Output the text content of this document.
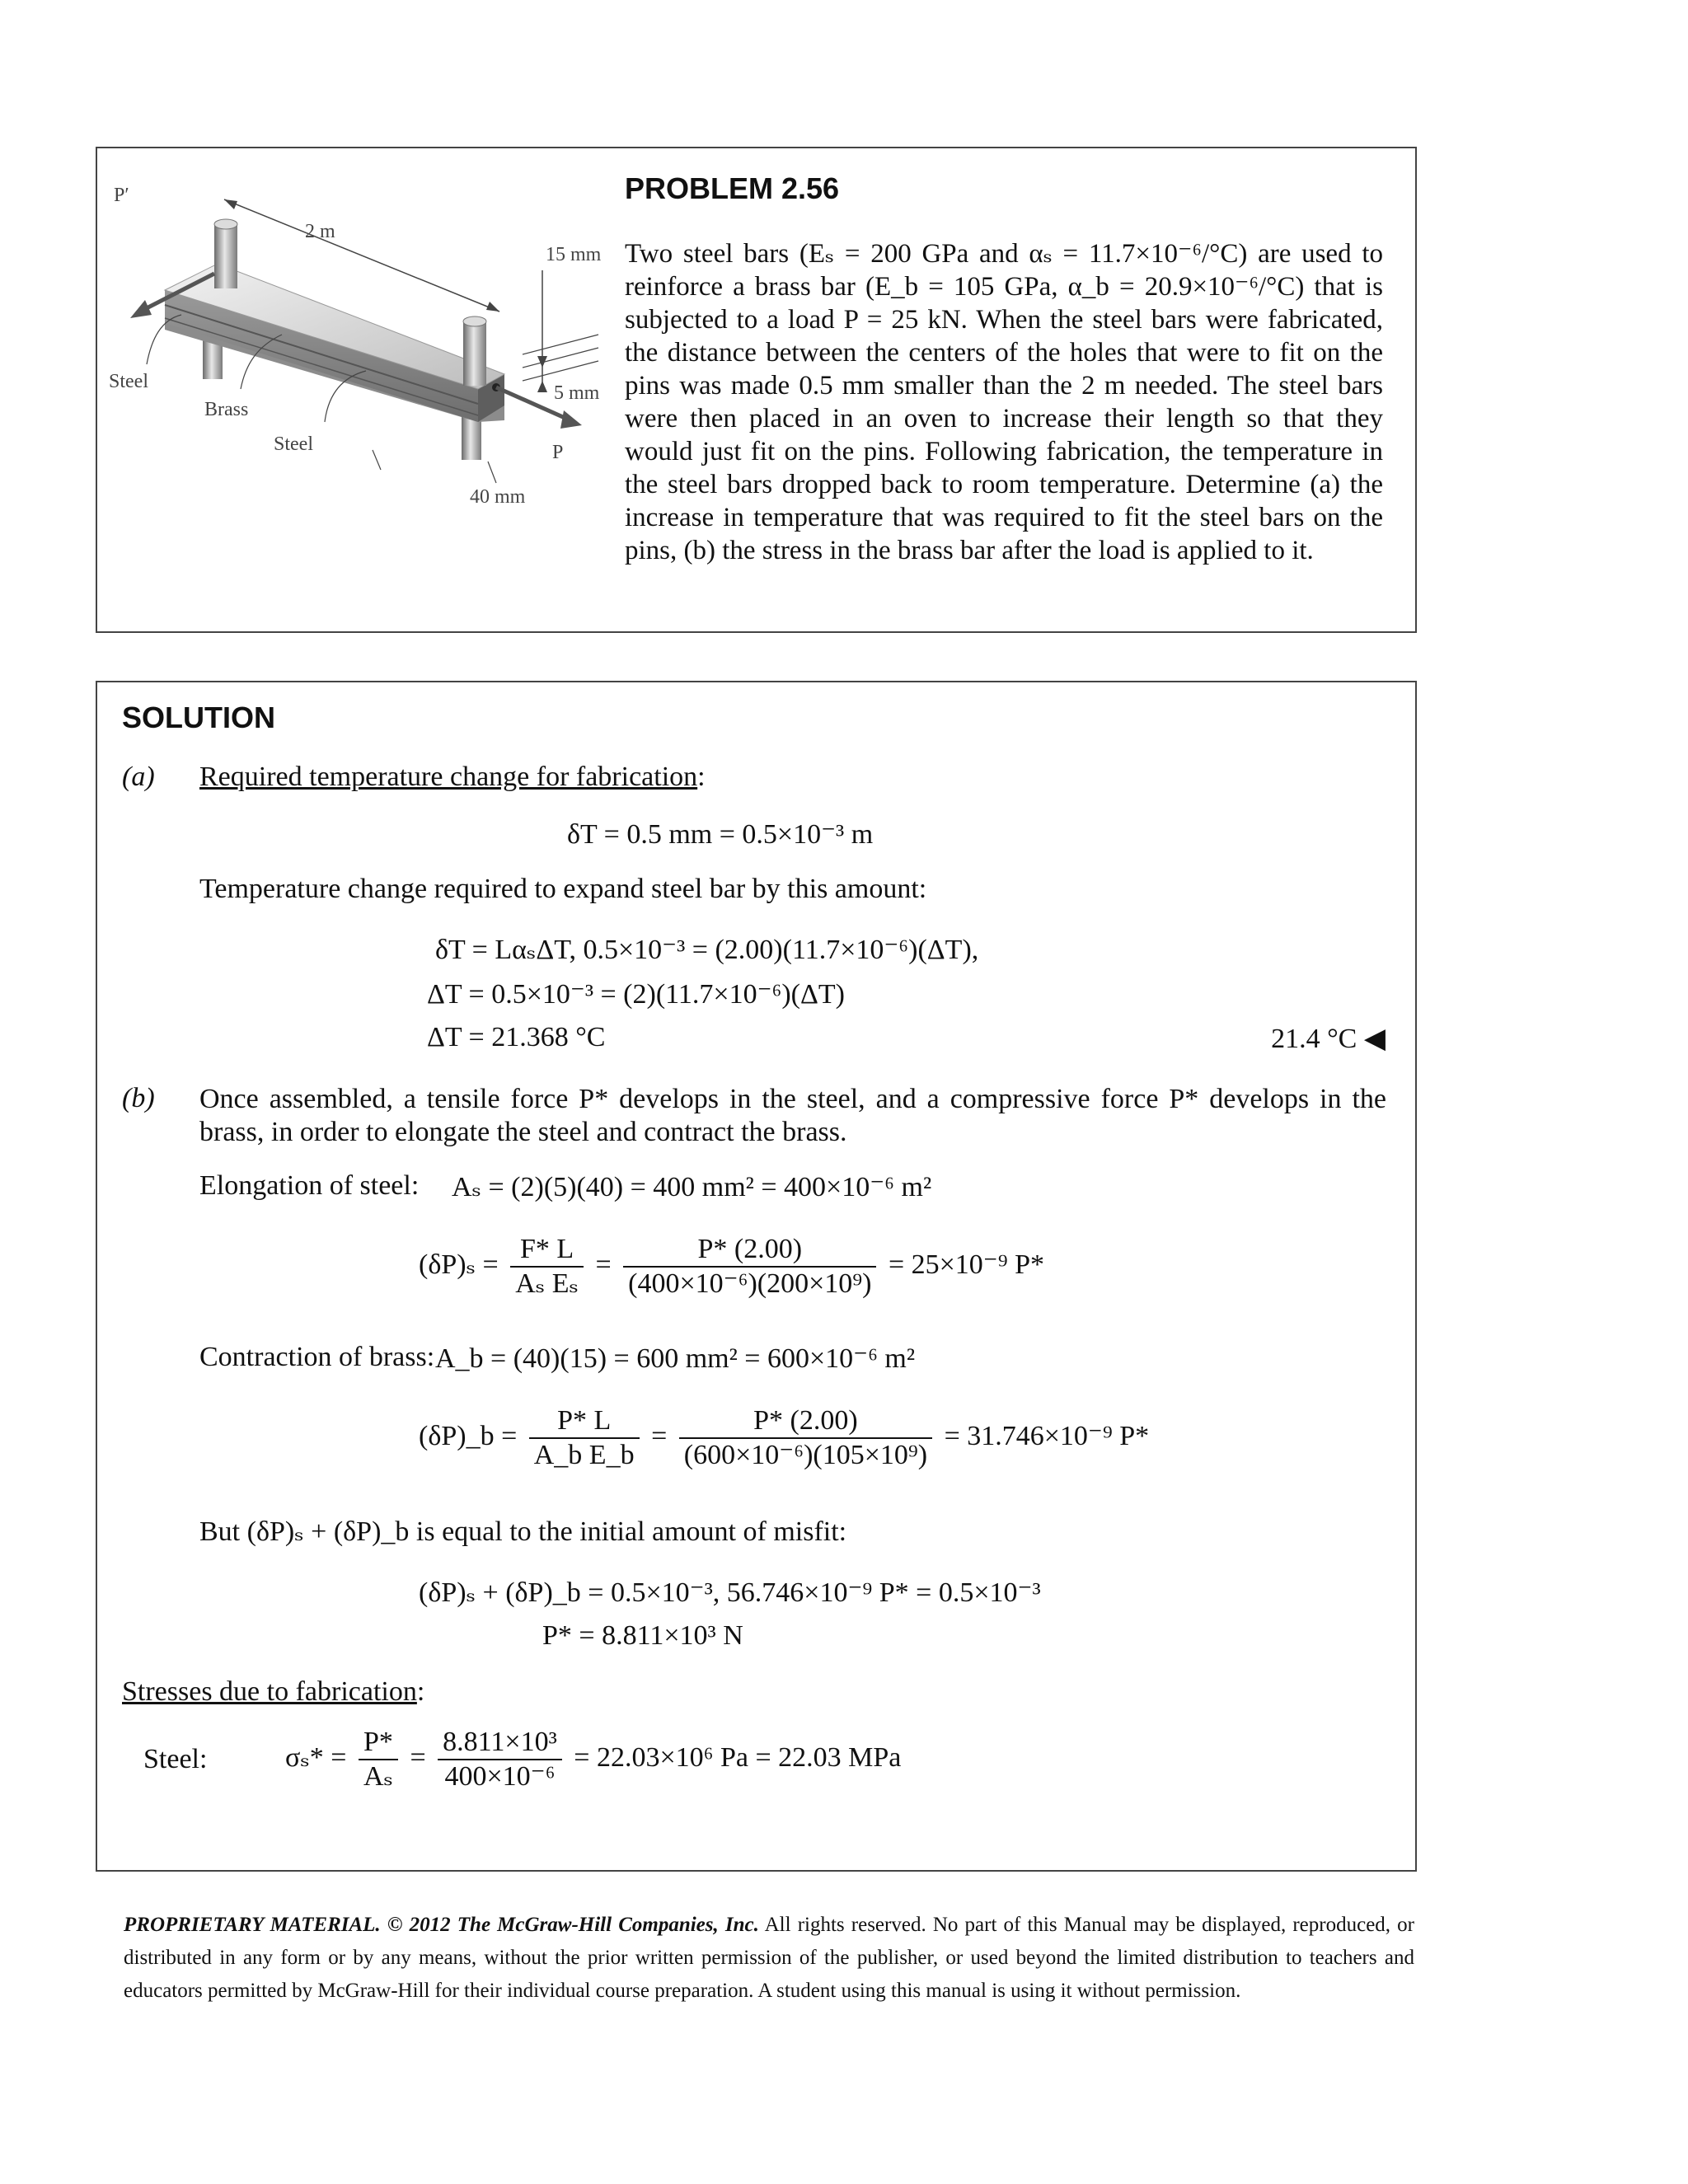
P′
P
2 m
15 mm
5 mm
40 mm
Steel
Brass
Steel
PROBLEM 2.56
Two steel bars (Eₛ = 200 GPa and αₛ = 11.7×10⁻⁶/°C) are used to reinforce a brass bar (E_b = 105 GPa, α_b = 20.9×10⁻⁶/°C) that is subjected to a load P = 25 kN. When the steel bars were fabricated, the distance between the centers of the holes that were to fit on the pins was made 0.5 mm smaller than the 2 m needed. The steel bars were then placed in an oven to increase their length so that they would just fit on the pins. Following fabrication, the temperature in the steel bars dropped back to room temperature. Determine (a) the increase in temperature that was required to fit the steel bars on the pins, (b) the stress in the brass bar after the load is applied to it.
SOLUTION
(a) Required temperature change for fabrication:
δT = 0.5 mm = 0.5×10⁻³ m
Temperature change required to expand steel bar by this amount:
δT = LαₛΔT, 0.5×10⁻³ = (2.00)(11.7×10⁻⁶)(ΔT),
ΔT = 0.5×10⁻³ = (2)(11.7×10⁻⁶)(ΔT)
ΔT = 21.368 °C	21.4 °C ◀
(b) Once assembled, a tensile force P* develops in the steel, and a compressive force P* develops in the brass, in order to elongate the steel and contract the brass.
Elongation of steel: Aₛ = (2)(5)(40) = 400 mm² = 400×10⁻⁶ m²
$(\delta P)_s = \frac{F* L}{\text{Aₛ Eₛ}} = \frac{P* (2.00)}{\text{(400×10⁻⁶)(200×10⁹)}} = 25\times 10^{-9}$ P*
Contraction of brass: A_b = (40)(15) = 600 mm² = 600×10⁻⁶ m²
(δP)_b = $\frac{P* L}{\text{A\_b E\_b}} = \frac{P* (2.00)}{\text{(600×10⁻⁶)(105×10⁹)}} = 31.746\times 10^{-9}$ P*
But (δP)ₛ + (δP)_b is equal to the initial amount of misfit:
(δP)ₛ + (δP)_b = 0.5×10⁻³, 56.746×10⁻⁹ P* = 0.5×10⁻³
P* = 8.811×10³ N
Stresses due to fabrication:
Steel:	$\sigma_s* = \frac{P*}{\text{Aₛ}} = \frac{\text{8.811×10³}}{\text{400×10⁻⁶}} = 22.03\times 10^6$ Pa = 22.03 MPa
PROPRIETARY MATERIAL. © 2012 The McGraw-Hill Companies, Inc. All rights reserved. No part of this Manual may be displayed, reproduced, or distributed in any form or by any means, without the prior written permission of the publisher, or used beyond the limited distribution to teachers and educators permitted by McGraw-Hill for their individual course preparation. A student using this manual is using it without permission.
